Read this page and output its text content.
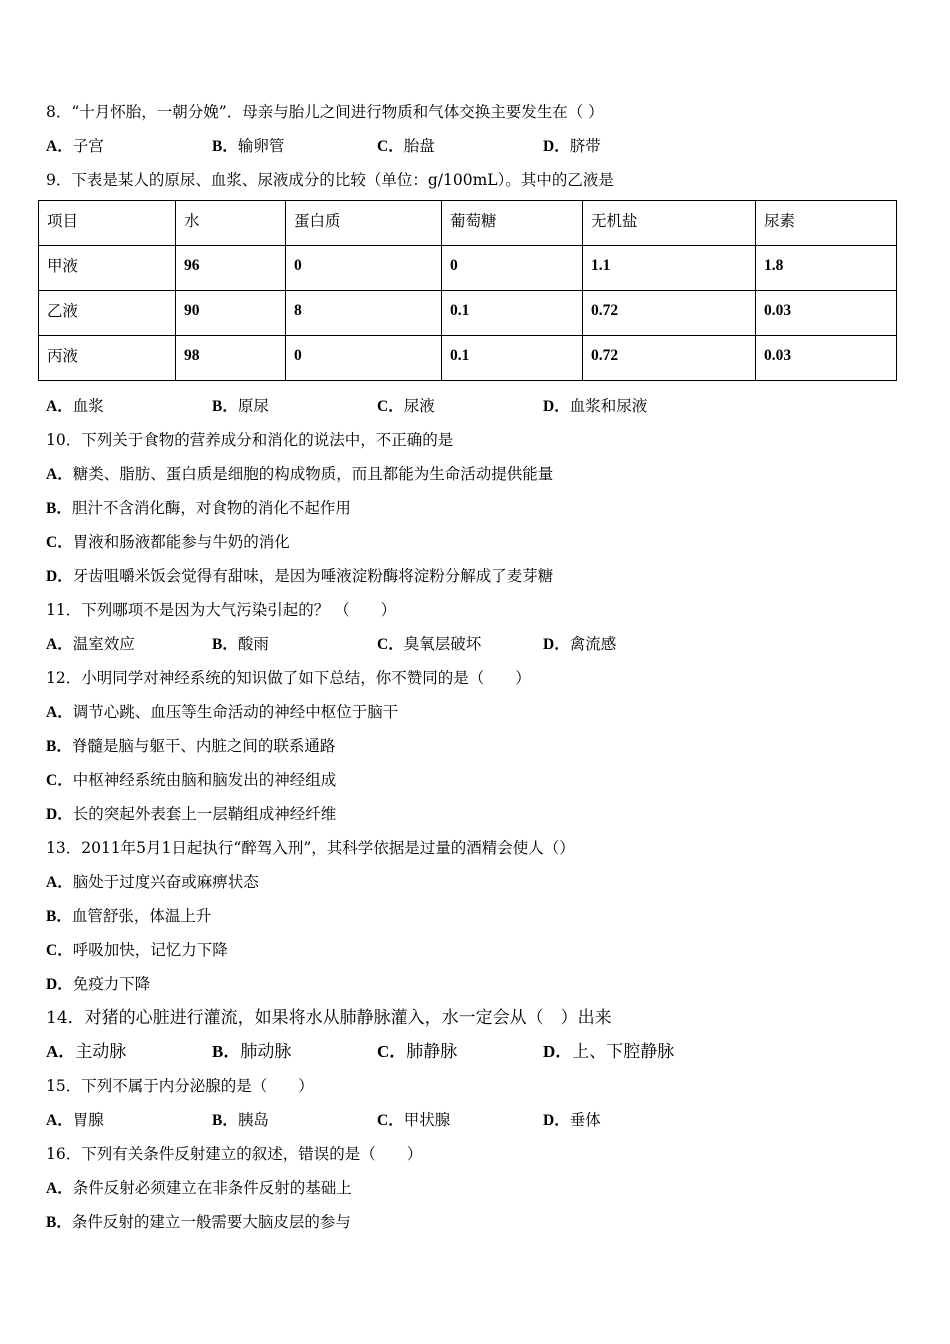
8．“十月怀胎，一朝分娩”．母亲与胎儿之间进行物质和气体交换主要发生在（ ）
A．子宫	B．输卵管	C．胎盘	D．脐带
9．下表是某人的原尿、血浆、尿液成分的比较（单位：g/100mL）。其中的乙液是
项目	水	蛋白质	葡萄糖	无机盐	尿素
甲液	96	0	0	1.1	1.8
乙液	90	8	0.1	0.72	0.03
丙液	98	0	0.1	0.72	0.03
A．血浆	B．原尿	C．尿液	D．血浆和尿液
10．下列关于食物的营养成分和消化的说法中，不正确的是
A．糖类、脂肪、蛋白质是细胞的构成物质，而且都能为生命活动提供能量
B．胆汁不含消化酶，对食物的消化不起作用
C．胃液和肠液都能参与牛奶的消化
D．牙齿咀嚼米饭会觉得有甜味，是因为唾液淀粉酶将淀粉分解成了麦芽糖
11．下列哪项不是因为大气污染引起的？ （　　）
A．温室效应	B．酸雨	C．臭氧层破坏	D．禽流感
12．小明同学对神经系统的知识做了如下总结，你不赞同的是（　　）
A．调节心跳、血压等生命活动的神经中枢位于脑干
B．脊髓是脑与躯干、内脏之间的联系通路
C．中枢神经系统由脑和脑发出的神经组成
D．长的突起外表套上一层鞘组成神经纤维
13．2011年5月1日起执行“醉驾入刑”，其科学依据是过量的酒精会使人（）
A．脑处于过度兴奋或麻痹状态
B．血管舒张，体温上升
C．呼吸加快，记忆力下降
D．免疫力下降
14．对猪的心脏进行灌流，如果将水从肺静脉灌入，水一定会从（　）出来
A．主动脉	B．肺动脉	C．肺静脉	D．上、下腔静脉
15．下列不属于内分泌腺的是（　　）
A．胃腺	B．胰岛	C．甲状腺	D．垂体
16．下列有关条件反射建立的叙述，错误的是（　　）
A．条件反射必须建立在非条件反射的基础上
B．条件反射的建立一般需要大脑皮层的参与
